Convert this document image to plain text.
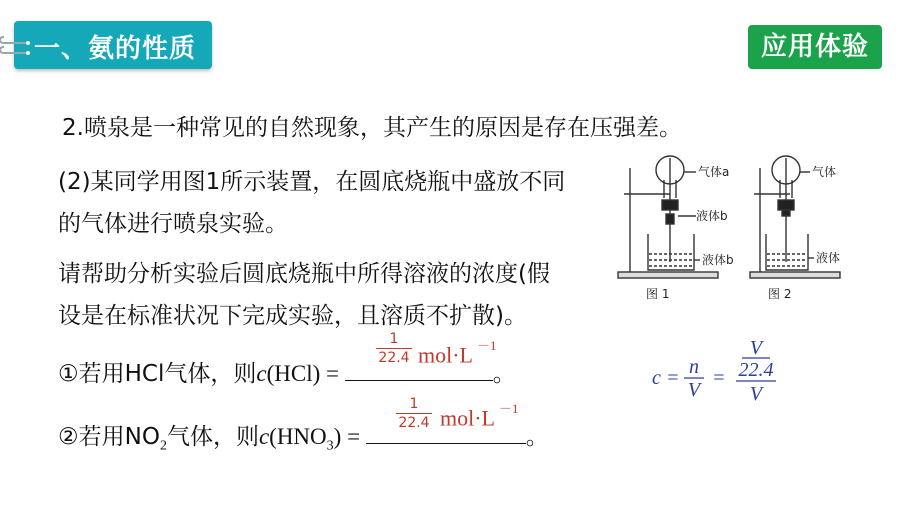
一、氨的性质	应用体验
2.喷泉是一种常见的自然现象，其产生的原因是存在压强差。
(2)某同学用图1所示装置，在圆底烧瓶中盛放不同
的气体进行喷泉实验。
请帮助分析实验后圆底烧瓶中所得溶液的浓度(假
设是在标准状况下完成实验，且溶质不扩散)。
①若用HCl气体，则c(HCl) =	。
1
22.4 mol·L $^{-1}$
②若用$NO_2$气体，则$c(HNO_3)$ =	。
1
22.4 mol·L $^{-1}$
c = n
V
=
V
22.4
V
气体a
液体b
液体b
图 1
气体
液体
图 2
